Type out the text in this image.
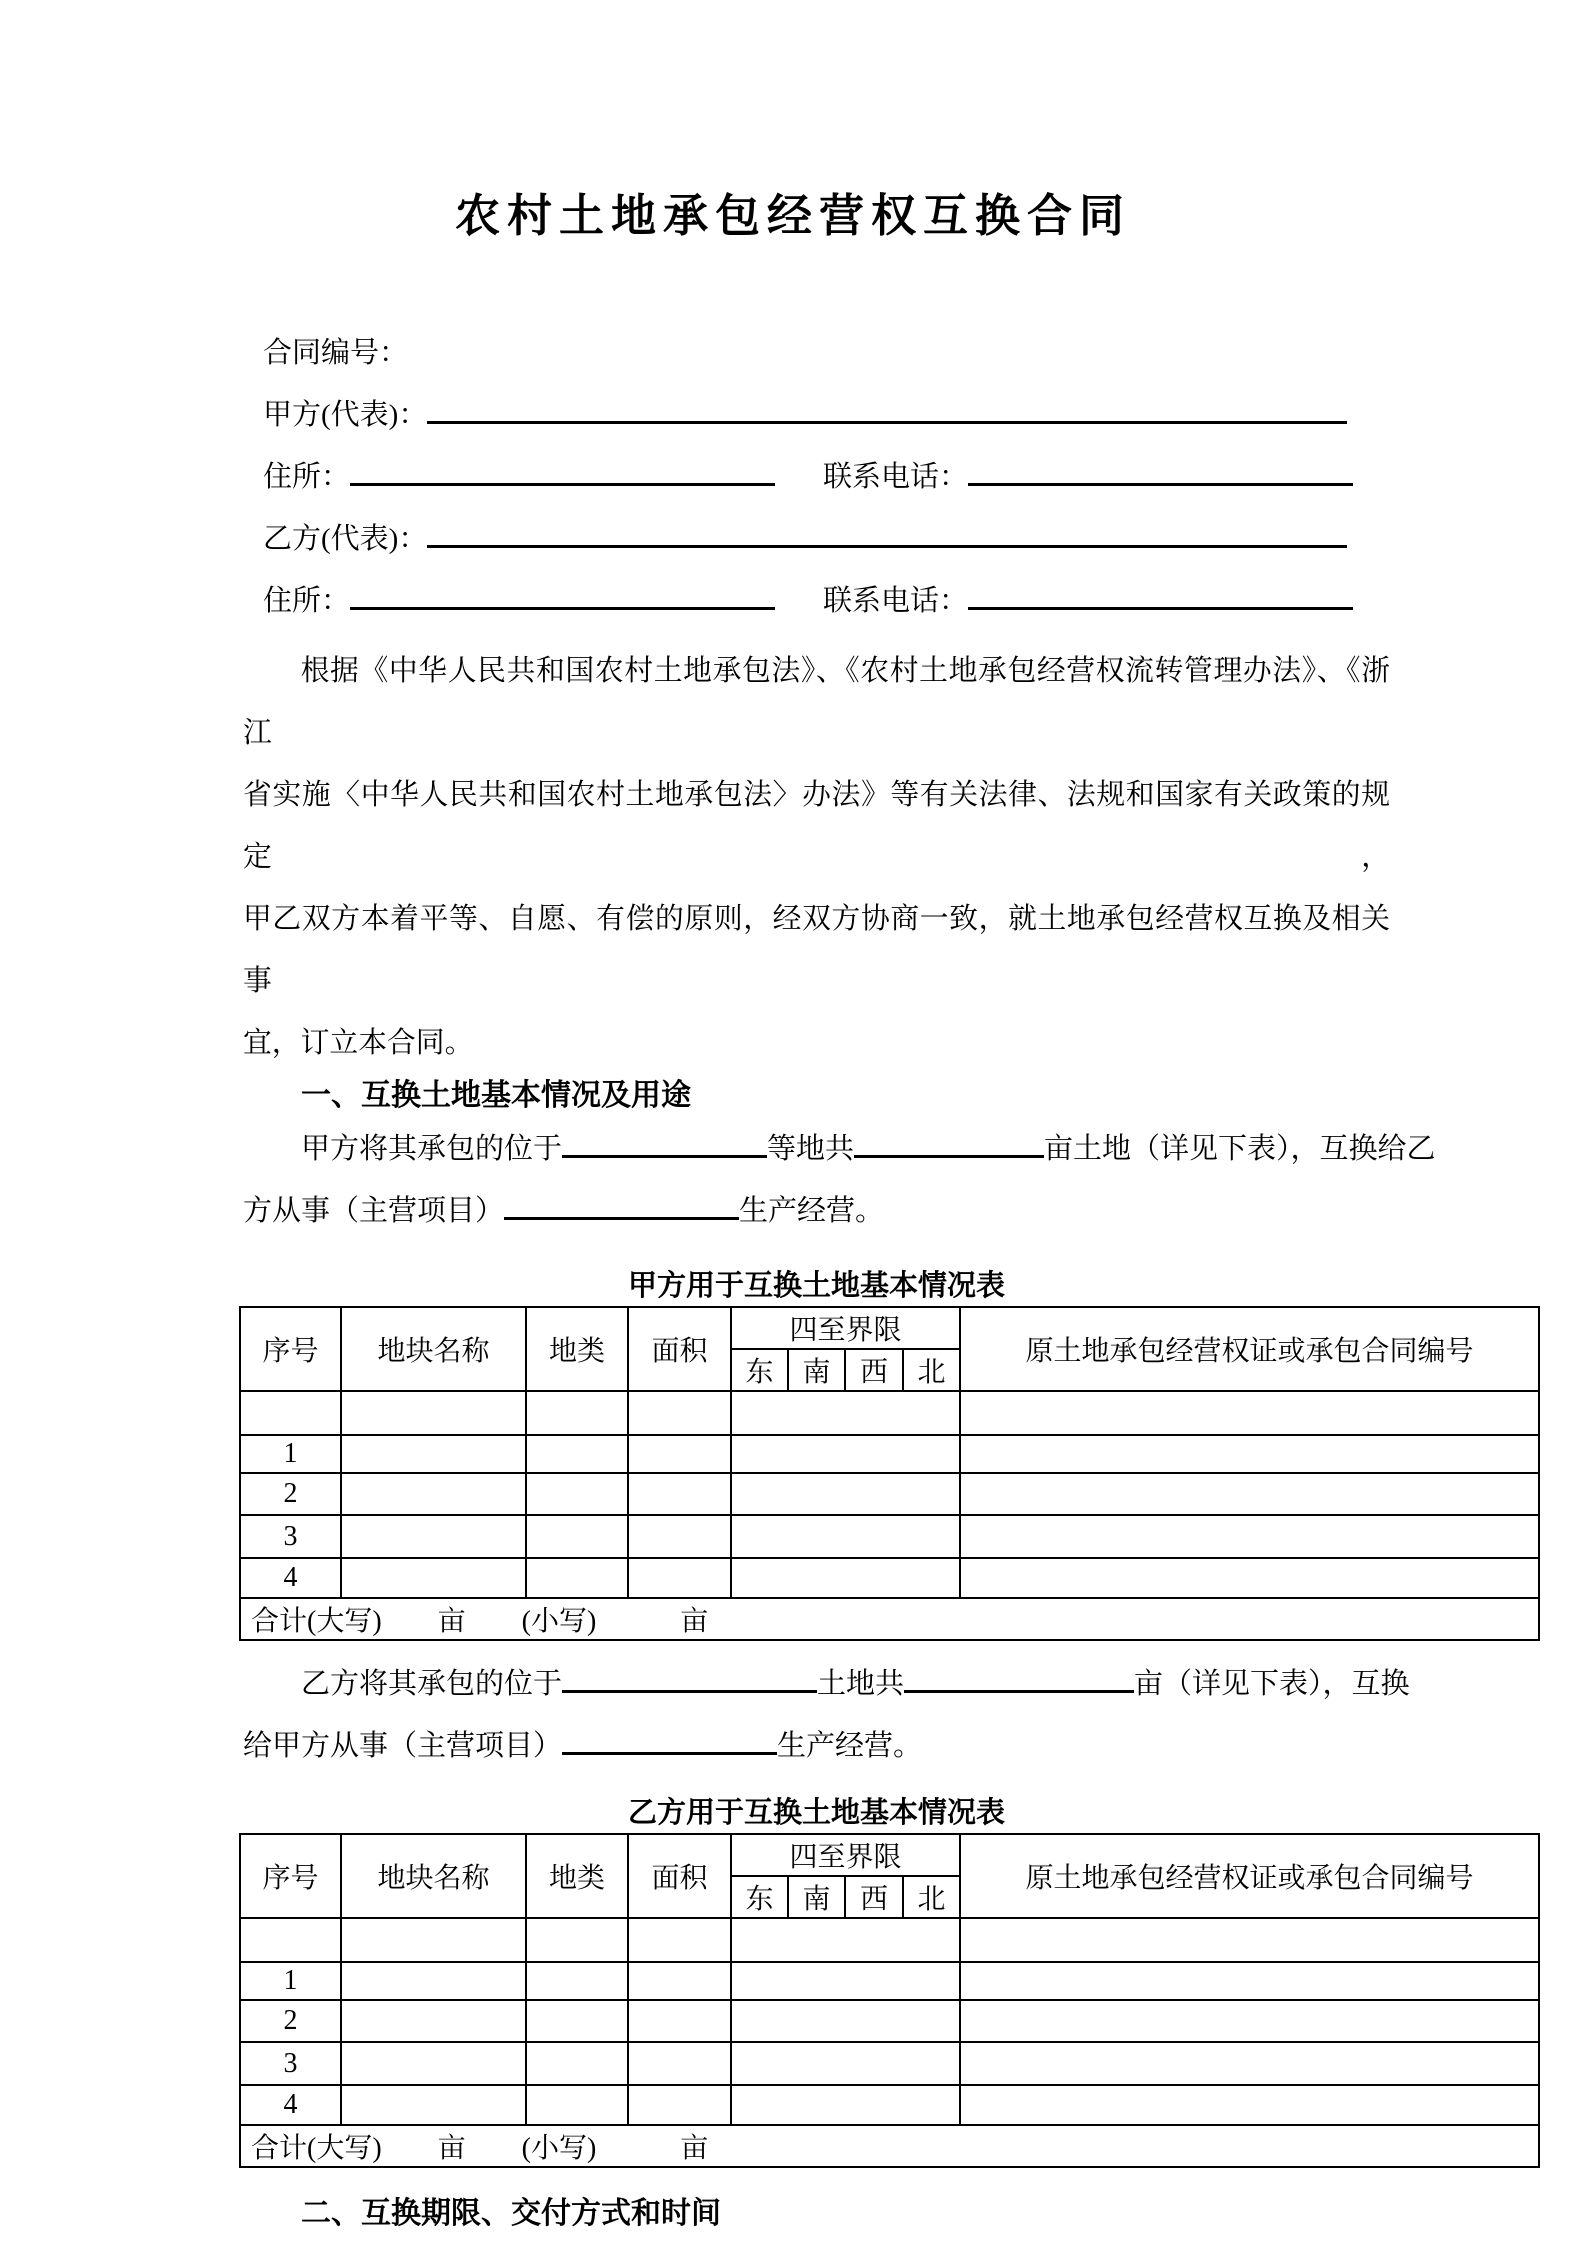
农村土地承包经营权互换合同
合同编号：
甲方(代表)：
住所：	联系电话：
乙方(代表)：
住所：	联系电话：
根据《中华人民共和国农村土地承包法》、《农村土地承包经营权流转管理办法》、《浙江
省实施〈中华人民共和国农村土地承包法〉办法》等有关法律、法规和国家有关政策的规定，
甲乙双方本着平等、自愿、有偿的原则，经双方协商一致，就土地承包经营权互换及相关事
宜，订立本合同。
一、互换土地基本情况及用途
甲方将其承包的位于	等地共	亩土地（详见下表），互换给乙
方从事（主营项目）	生产经营。
甲方用于互换土地基本情况表
序号	地块名称	地类	面积	四至界限				原土地承包经营权证或承包合同编号
				东	南	西	北	

1								
2								
3								
4								
合计(大写)　　亩　　(小写)　　　亩								
乙方将其承包的位于	土地共	亩（详见下表），互换
给甲方从事（主营项目）	生产经营。
乙方用于互换土地基本情况表
序号	地块名称	地类	面积	四至界限				原土地承包经营权证或承包合同编号
				东	南	西	北	

1								
2								
3								
4								
合计(大写)　　亩　　(小写)　　　亩								
二、互换期限、交付方式和时间
